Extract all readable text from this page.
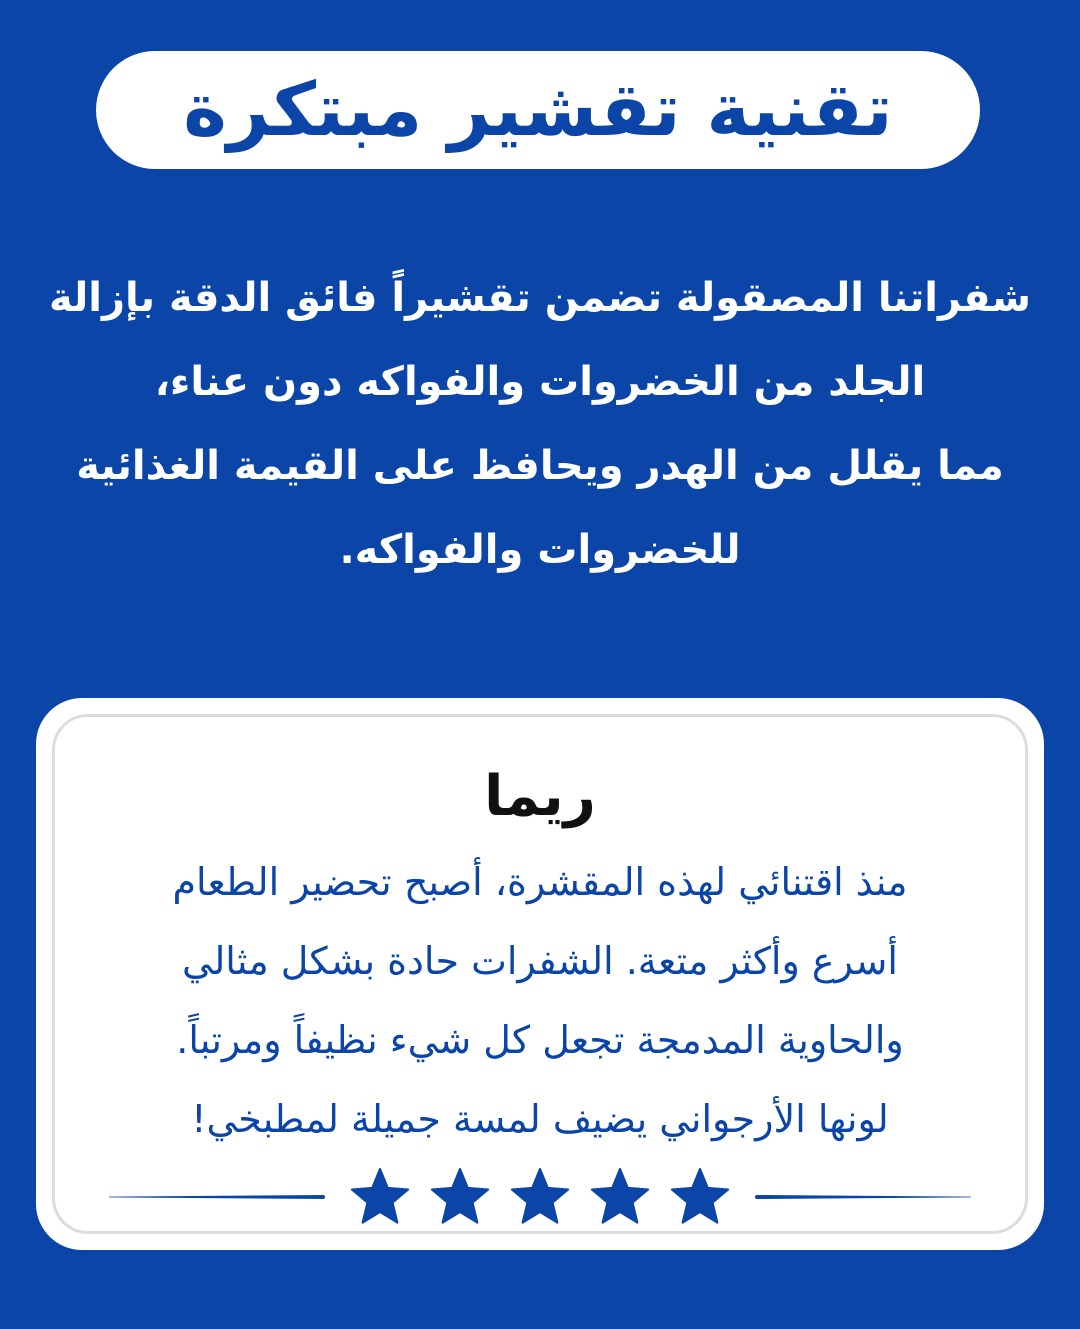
تقنية تقشير مبتكرة
شفراتنا المصقولة تضمن تقشيراً فائق الدقة بإزالة
الجلد من الخضروات والفواكه دون عناء،
مما يقلل من الهدر ويحافظ على القيمة الغذائية
للخضروات والفواكه.
ريما
منذ اقتنائي لهذه المقشرة، أصبح تحضير الطعام
أسرع وأكثر متعة. الشفرات حادة بشكل مثالي
والحاوية المدمجة تجعل كل شيء نظيفاً ومرتباً.
لونها الأرجواني يضيف لمسة جميلة لمطبخي!
